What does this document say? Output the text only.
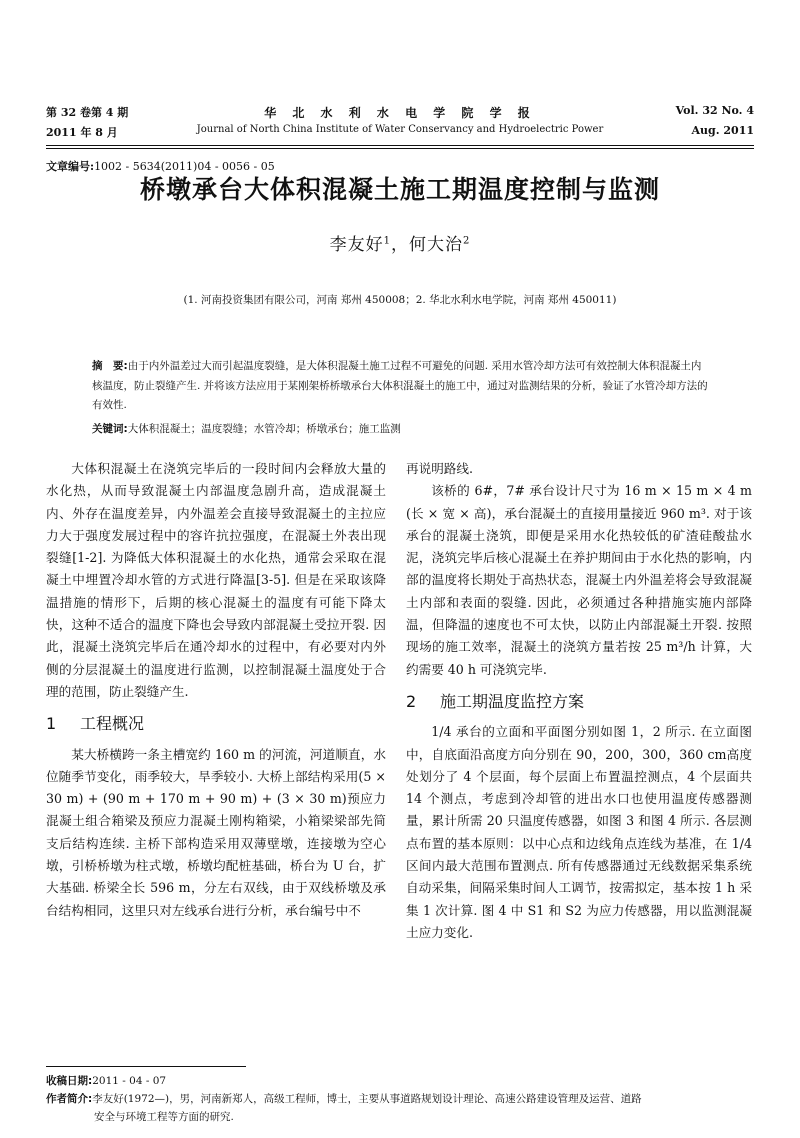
第 32 卷第 4 期	华 北 水 利 水 电 学 院 学 报	Vol. 32 No. 4
2011 年 8 月	Journal of North China Institute of Water Conservancy and Hydroelectric Power	Aug. 2011
文章编号:1002 - 5634(2011)04 - 0056 - 05
桥墩承台大体积混凝土施工期温度控制与监测
李友好$^1$，何大治$^2$
(1. 河南投资集团有限公司，河南 郑州 450008；2. 华北水利水电学院，河南 郑州 450011)
摘　要:由于内外温差过大而引起温度裂缝，是大体积混凝土施工过程不可避免的问题. 采用水管冷却方法可有效控制大体积混凝土内核温度，防止裂缝产生. 并将该方法应用于某刚架桥桥墩承台大体积混凝土的施工中，通过对监测结果的分析，验证了水管冷却方法的有效性.
关键词:大体积混凝土；温度裂缝；水管冷却；桥墩承台；施工监测

大体积混凝土在浇筑完毕后的一段时间内会释放大量的水化热，从而导致混凝土内部温度急剧升高，造成混凝土内、外存在温度差异，内外温差会直接导致混凝土的主拉应力大于强度发展过程中的容许抗拉强度，在混凝土外表出现裂缝[1-2]. 为降低大体积混凝土的水化热，通常会采取在混凝土中埋置冷却水管的方式进行降温[3-5]. 但是在采取该降温措施的情形下，后期的核心混凝土的温度有可能下降太快，这种不适合的温度下降也会导致内部混凝土受拉开裂. 因此，混凝土浇筑完毕后在通冷却水的过程中，有必要对内外侧的分层混凝土的温度进行监测，以控制混凝土温度处于合理的范围，防止裂缝产生.

1 工程概况

某大桥横跨一条主槽宽约 160 m 的河流，河道顺直，水位随季节变化，雨季较大，旱季较小. 大桥上部结构采用(5 × 30 m) + (90 m + 170 m + 90 m) + (3 × 30 m)预应力混凝土组合箱梁及预应力混凝土刚构箱梁，小箱梁梁部先简支后结构连续. 主桥下部构造采用双薄壁墩，连接墩为空心墩，引桥桥墩为柱式墩，桥墩均配桩基础，桥台为 U 台，扩大基础. 桥梁全长 596 m，分左右双线，由于双线桥墩及承台结构相同，这里只对左线承台进行分析，承台编号中不

再说明路线.

该桥的 6#，7# 承台设计尺寸为 16 m × 15 m × 4 m (长 × 宽 × 高)，承台混凝土的直接用量接近 960 m³. 对于该承台的混凝土浇筑，即便是采用水化热较低的矿渣硅酸盐水泥，浇筑完毕后核心混凝土在养护期间由于水化热的影响，内部的温度将长期处于高热状态，混凝土内外温差将会导致混凝土内部和表面的裂缝. 因此，必须通过各种措施实施内部降温，但降温的速度也不可太快，以防止内部混凝土开裂. 按照现场的施工效率，混凝土的浇筑方量若按 25 m³/h 计算，大约需要 40 h 可浇筑完毕.

2 施工期温度监控方案

1/4 承台的立面和平面图分别如图 1，2 所示. 在立面图中，自底面沿高度方向分别在 90，200，300，360 cm高度处划分了 4 个层面，每个层面上布置温控测点，4 个层面共 14 个测点，考虑到冷却管的进出水口也使用温度传感器测量，累计所需 20 只温度传感器，如图 3 和图 4 所示. 各层测点布置的基本原则：以中心点和边线角点连线为基准，在 1/4 区间内最大范围布置测点. 所有传感器通过无线数据采集系统自动采集，间隔采集时间人工调节，按需拟定，基本按 1 h 采集 1 次计算. 图 4 中 S1 和 S2 为应力传感器，用以监测混凝土应力变化.

收稿日期:2011 - 04 - 07
作者简介:李友好(1972—)，男，河南新郑人，高级工程师，博士，主要从事道路规划设计理论、高速公路建设管理及运营、道路
安全与环境工程等方面的研究.
